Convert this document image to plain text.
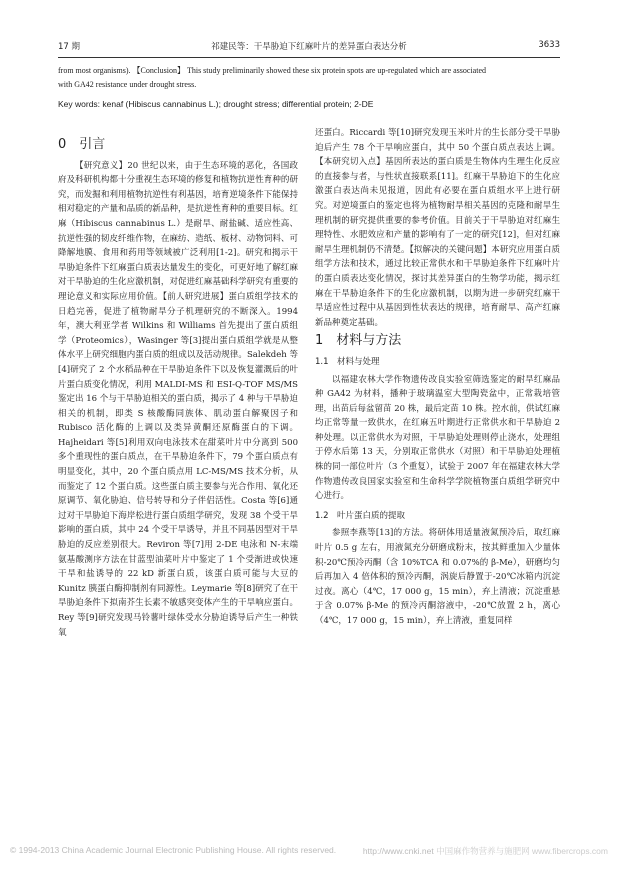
17 期	祁建民等：干旱胁迫下红麻叶片的差异蛋白表达分析	3633
from most organisms). 【Conclusion】 This study preliminarily showed these six protein spots are up-regulated which are associated
with GA42 resistance under drought stress.
Key words: kenaf (Hibiscus cannabinus L.); drought stress; differential protein; 2-DE
0　引言

【研究意义】20 世纪以来，由于生态环境的恶化，各国政府及科研机构都十分重视生态环境的修复和植物抗逆性育种的研究，而发掘和利用植物抗逆性有利基因，培育逆境条件下能保持相对稳定的产量和品质的新品种，是抗逆性育种的重要目标。红麻（Hibiscus cannabinus L.）是耐旱、耐盐碱、适应性高、抗逆性强的韧皮纤维作物，在麻纺、造纸、板材、动物饲料、可降解地膜、食用和药用等领域被广泛利用[1-2]。研究和揭示干旱胁迫条件下红麻蛋白质表达量发生的变化，可更好地了解红麻对干旱胁迫的生化应激机制，对促进红麻基础科学研究有重要的理论意义和实际应用价值。【前人研究进展】蛋白质组学技术的日趋完善，促进了植物耐旱分子机理研究的不断深入。1994 年，澳大利亚学者 Wilkins 和 Williams 首先提出了蛋白质组学（Proteomics），Wasinger 等[3]提出蛋白质组学就是从整体水平上研究细胞内蛋白质的组成以及活动规律。Salekdeh 等[4]研究了 2 个水稻品种在干旱胁迫条件下以及恢复灌溉后的叶片蛋白质变化情况，利用 MALDI-MS 和 ESI-Q-TOF MS/MS 鉴定出 16 个与干旱胁迫相关的蛋白质，揭示了 4 种与干旱胁迫相关的机制，即类 S 核酸酶同族体、肌动蛋白解聚因子和 Rubisco 活化酶的上调以及类异黄酮还原酶蛋白的下调。Hajheidari 等[5]利用双向电泳技术在甜菜叶片中分离到 500 多个重现性的蛋白质点，在干旱胁迫条件下，79 个蛋白质点有明显变化，其中，20 个蛋白质点用 LC-MS/MS 技术分析，从而鉴定了 12 个蛋白质。这些蛋白质主要参与光合作用、氧化还原调节、氧化胁迫、信号转导和分子伴侣活性。Costa 等[6]通过对干旱胁迫下海岸松进行蛋白质组学研究，发现 38 个受干旱影响的蛋白质，其中 24 个受干旱诱导，并且不同基因型对干旱胁迫的反应差别很大。Reviron 等[7]用 2-DE 电泳和 N-末端氨基酸测序方法在甘蓝型油菜叶片中鉴定了 1 个受渐进或快速干旱和盐诱导的 22 kD 新蛋白质，该蛋白质可能与大豆的 Kunitz 胰蛋白酶抑制剂有同源性。Leymarie 等[8]研究了在干旱胁迫条件下拟南芥生长素不敏感突变体产生的干旱响应蛋白。Rey 等[9]研究发现马铃薯叶绿体受水分胁迫诱导后产生一种铁氧

还蛋白。Riccardi 等[10]研究发现玉米叶片的生长部分受干旱胁迫后产生 78 个干旱响应蛋白，其中 50 个蛋白质点表达上调。【本研究切入点】基因所表达的蛋白质是生物体内生理生化反应的直接参与者，与性状直接联系[11]。红麻干旱胁迫下的生化应激蛋白表达尚未见报道，因此有必要在蛋白质组水平上进行研究。对逆境蛋白的鉴定也将为植物耐旱相关基因的克隆和耐旱生理机制的研究提供重要的参考价值。目前关于干旱胁迫对红麻生理特性、水肥效应和产量的影响有了一定的研究[12]，但对红麻耐旱生理机制仍不清楚。【拟解决的关键问题】本研究应用蛋白质组学方法和技术，通过比较正常供水和干旱胁迫条件下红麻叶片的蛋白质表达变化情况，探讨其差异蛋白的生物学功能，揭示红麻在干旱胁迫条件下的生化应激机制，以期为进一步研究红麻干旱适应性过程中从基因到性状表达的规律，培育耐旱、高产红麻新品种奠定基础。

1　材料与方法
1.1　材料与处理

以福建农林大学作物遗传改良实验室筛选鉴定的耐旱红麻品种 GA42 为材料，播种于玻璃温室大型陶瓷盆中，正常栽培管理，出苗后每盆留苗 20 株，最后定苗 10 株。控水前，供试红麻均正常等量一致供水，在红麻五叶期进行正常供水和干旱胁迫 2 种处理。以正常供水为对照，干旱胁迫处理则停止浇水，处理组于停水后第 13 天，分别取正常供水（对照）和干旱胁迫处理植株的同一部位叶片（3 个重复），试验于 2007 年在福建农林大学作物遗传改良国家实验室和生命科学学院植物蛋白质组学研究中心进行。

1.2　叶片蛋白质的提取

参照李燕等[13]的方法。将研体用适量液氮预冷后，取红麻叶片 0.5 g 左右，用液氮充分研磨成粉末，按其鲜重加入少量体积-20℃预冷丙酮（含 10%TCA 和 0.07%的 β-Me），研磨均匀后再加入 4 倍体积的预冷丙酮，涡旋后静置于-20℃冰箱内沉淀过夜。离心（4℃，17 000 g，15 min），弃上清液；沉淀重悬于含 0.07% β-Me 的预冷丙酮溶液中，-20℃放置 2 h，离心（4℃，17 000 g，15 min），弃上清液，重复同样

© 1994-2013 China Academic Journal Electronic Publishing House. All rights reserved.	http://www.cnki.net 中国麻作物营养与施肥网 www.fibercrops.com
